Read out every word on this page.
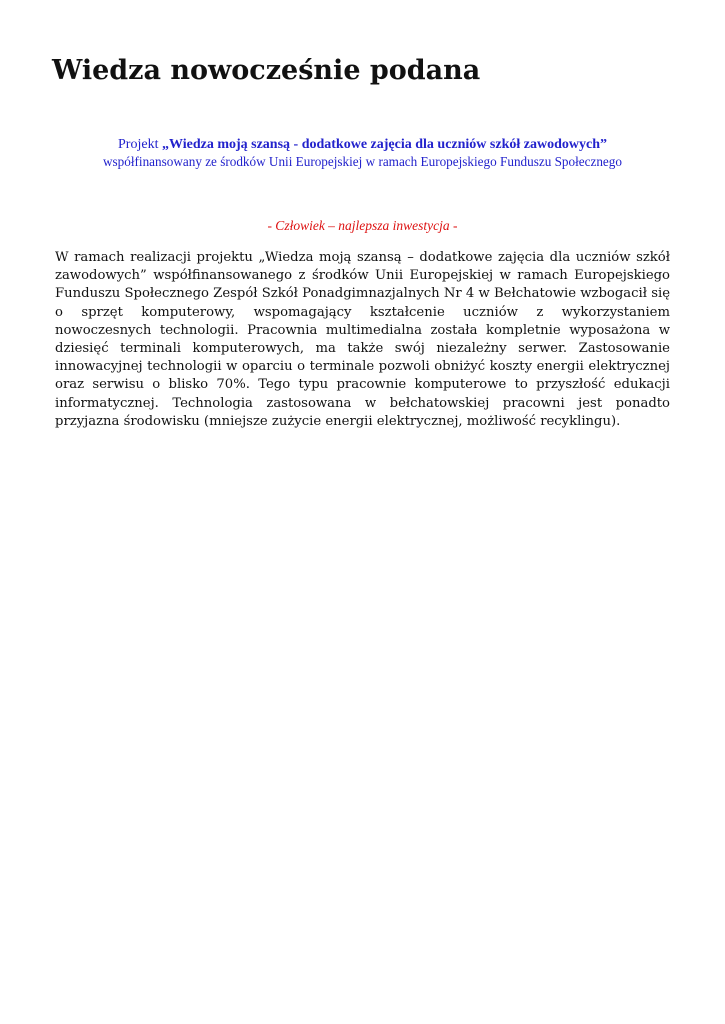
Wiedza nowocześnie podana
Projekt „Wiedza moją szansą - dodatkowe zajęcia dla uczniów szkół zawodowych”
współfinansowany ze środków Unii Europejskiej w ramach Europejskiego Funduszu Społecznego
- Człowiek – najlepsza inwestycja -

W ramach realizacji projektu „Wiedza moją szansą – dodatkowe zajęcia dla uczniów szkół zawodowych” współfinansowanego z środków Unii Europejskiej w ramach Europejskiego Funduszu Społecznego Zespół Szkół Ponadgimnazjalnych Nr 4 w Bełchatowie wzbogacił się o sprzęt komputerowy, wspomagający kształcenie uczniów z wykorzystaniem nowoczesnych technologii. Pracownia multimedialna została kompletnie wyposażona w dziesięć terminali komputerowych, ma także swój niezależny serwer. Zastosowanie innowacyjnej technologii w oparciu o terminale pozwoli obniżyć koszty energii elektrycznej oraz serwisu o blisko 70%. Tego typu pracownie komputerowe to przyszłość edukacji informatycznej. Technologia zastosowana w bełchatowskiej pracowni jest ponadto przyjazna środowisku (mniejsze zużycie energii elektrycznej, możliwość recyklingu).
